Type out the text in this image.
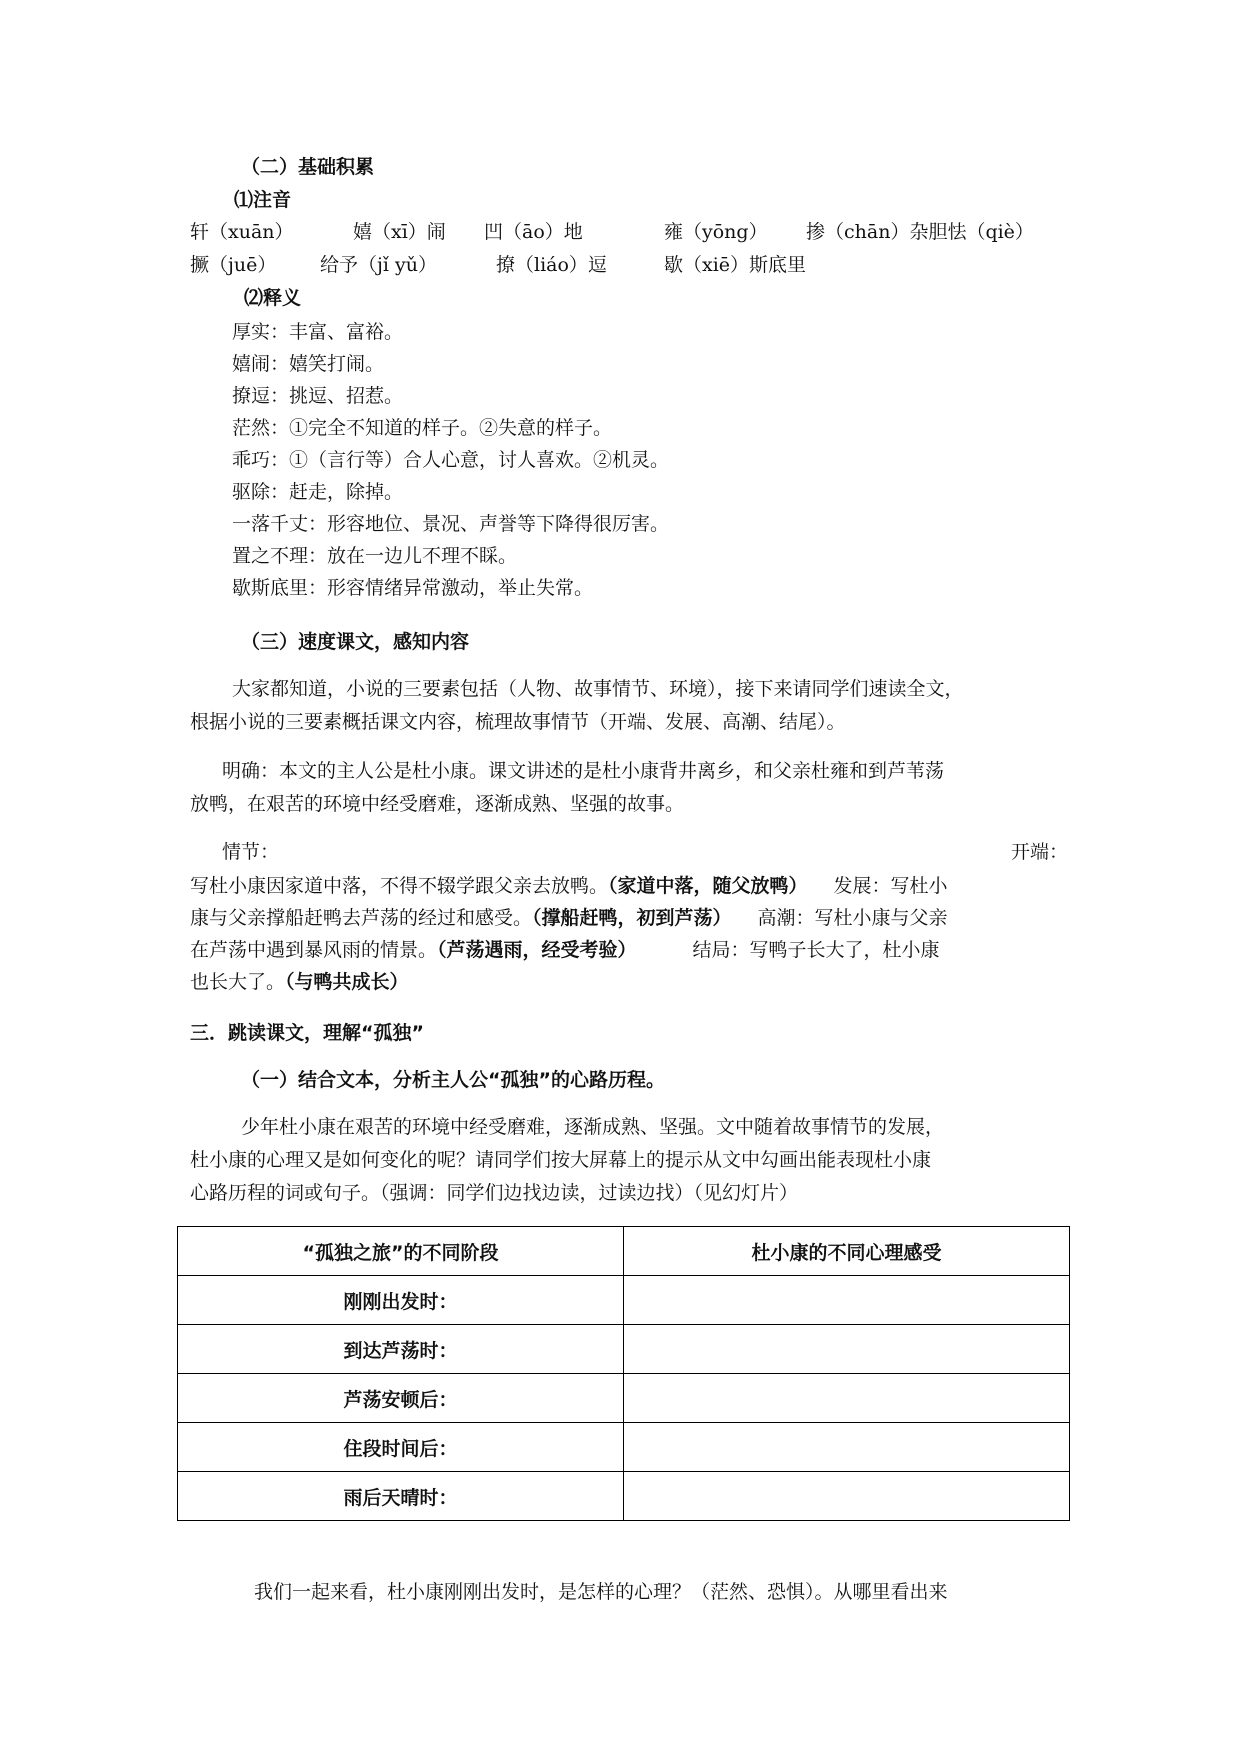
（二）基础积累
⑴注音
轩（xuān）	嬉（xī）闹 凹（āo）地	雍（yōng） 掺（chān）杂胆怯（qiè）
撅（juē） 给予（jǐ yǔ）	撩（liáo）逗	歇（xiē）斯底里
⑵释义
厚实：丰富、富裕。
嬉闹：嬉笑打闹。
撩逗：挑逗、招惹。
茫然：①完全不知道的样子。②失意的样子。
乖巧：①（言行等）合人心意，讨人喜欢。②机灵。
驱除：赶走，除掉。
一落千丈：形容地位、景况、声誉等下降得很厉害。
置之不理：放在一边儿不理不睬。
歇斯底里：形容情绪异常激动，举止失常。
（三）速度课文，感知内容
大家都知道，小说的三要素包括（人物、故事情节、环境），接下来请同学们速读全文，
根据小说的三要素概括课文内容，梳理故事情节（开端、发展、高潮、结尾）。
明确：本文的主人公是杜小康。课文讲述的是杜小康背井离乡，和父亲杜雍和到芦苇荡
放鸭，在艰苦的环境中经受磨难，逐渐成熟、坚强的故事。
情节：	开端：
写杜小康因家道中落，不得不辍学跟父亲去放鸭。（家道中落，随父放鸭） 发展：写杜小
康与父亲撑船赶鸭去芦荡的经过和感受。（撑船赶鸭，初到芦荡） 高潮：写杜小康与父亲
在芦荡中遇到暴风雨的情景。（芦荡遇雨，经受考验）	结局：写鸭子长大了，杜小康
也长大了。（与鸭共成长）
三．跳读课文，理解“孤独”
（一）结合文本，分析主人公“孤独”的心路历程。
少年杜小康在艰苦的环境中经受磨难，逐渐成熟、坚强。文中随着故事情节的发展，
杜小康的心理又是如何变化的呢？请同学们按大屏幕上的提示从文中勾画出能表现杜小康
心路历程的词或句子。（强调：同学们边找边读，过读边找）（见幻灯片）
“孤独之旅”的不同阶段	杜小康的不同心理感受
刚刚出发时：	
到达芦荡时：	
芦荡安顿后：	
住段时间后：	
雨后天晴时：	
我们一起来看，杜小康刚刚出发时，是怎样的心理？（茫然、恐惧）。从哪里看出来
